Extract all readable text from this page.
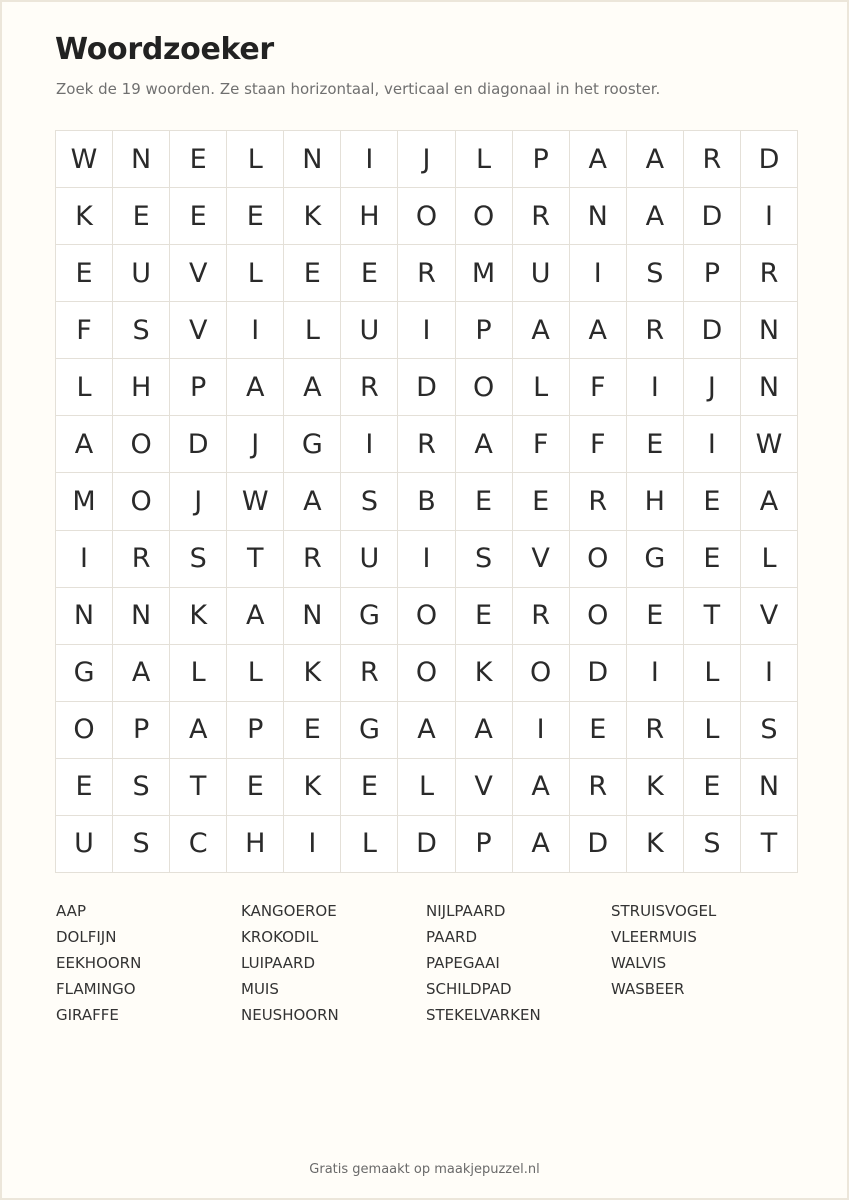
Woordzoeker

Zoek de 19 woorden. Ze staan horizontaal, verticaal en diagonaal in het rooster.

W	N	E	L	N	I	J	L	P	A	A	R	D
K	E	E	E	K	H	O	O	R	N	A	D	I
E	U	V	L	E	E	R	M	U	I	S	P	R
F	S	V	I	L	U	I	P	A	A	R	D	N
L	H	P	A	A	R	D	O	L	F	I	J	N
A	O	D	J	G	I	R	A	F	F	E	I	W
M	O	J	W	A	S	B	E	E	R	H	E	A
I	R	S	T	R	U	I	S	V	O	G	E	L
N	N	K	A	N	G	O	E	R	O	E	T	V
G	A	L	L	K	R	O	K	O	D	I	L	I
O	P	A	P	E	G	A	A	I	E	R	L	S
E	S	T	E	K	E	L	V	A	R	K	E	N
U	S	C	H	I	L	D	P	A	D	K	S	T
AAP
DOLFIJN
EEKHOORN
FLAMINGO
GIRAFFE
KANGOEROE
KROKODIL
LUIPAARD
MUIS
NEUSHOORN
NIJLPAARD
PAARD
PAPEGAAI
SCHILDPAD
STEKELVARKEN
STRUISVOGEL
VLEERMUIS
WALVIS
WASBEER
Gratis gemaakt op maakjepuzzel.nl
